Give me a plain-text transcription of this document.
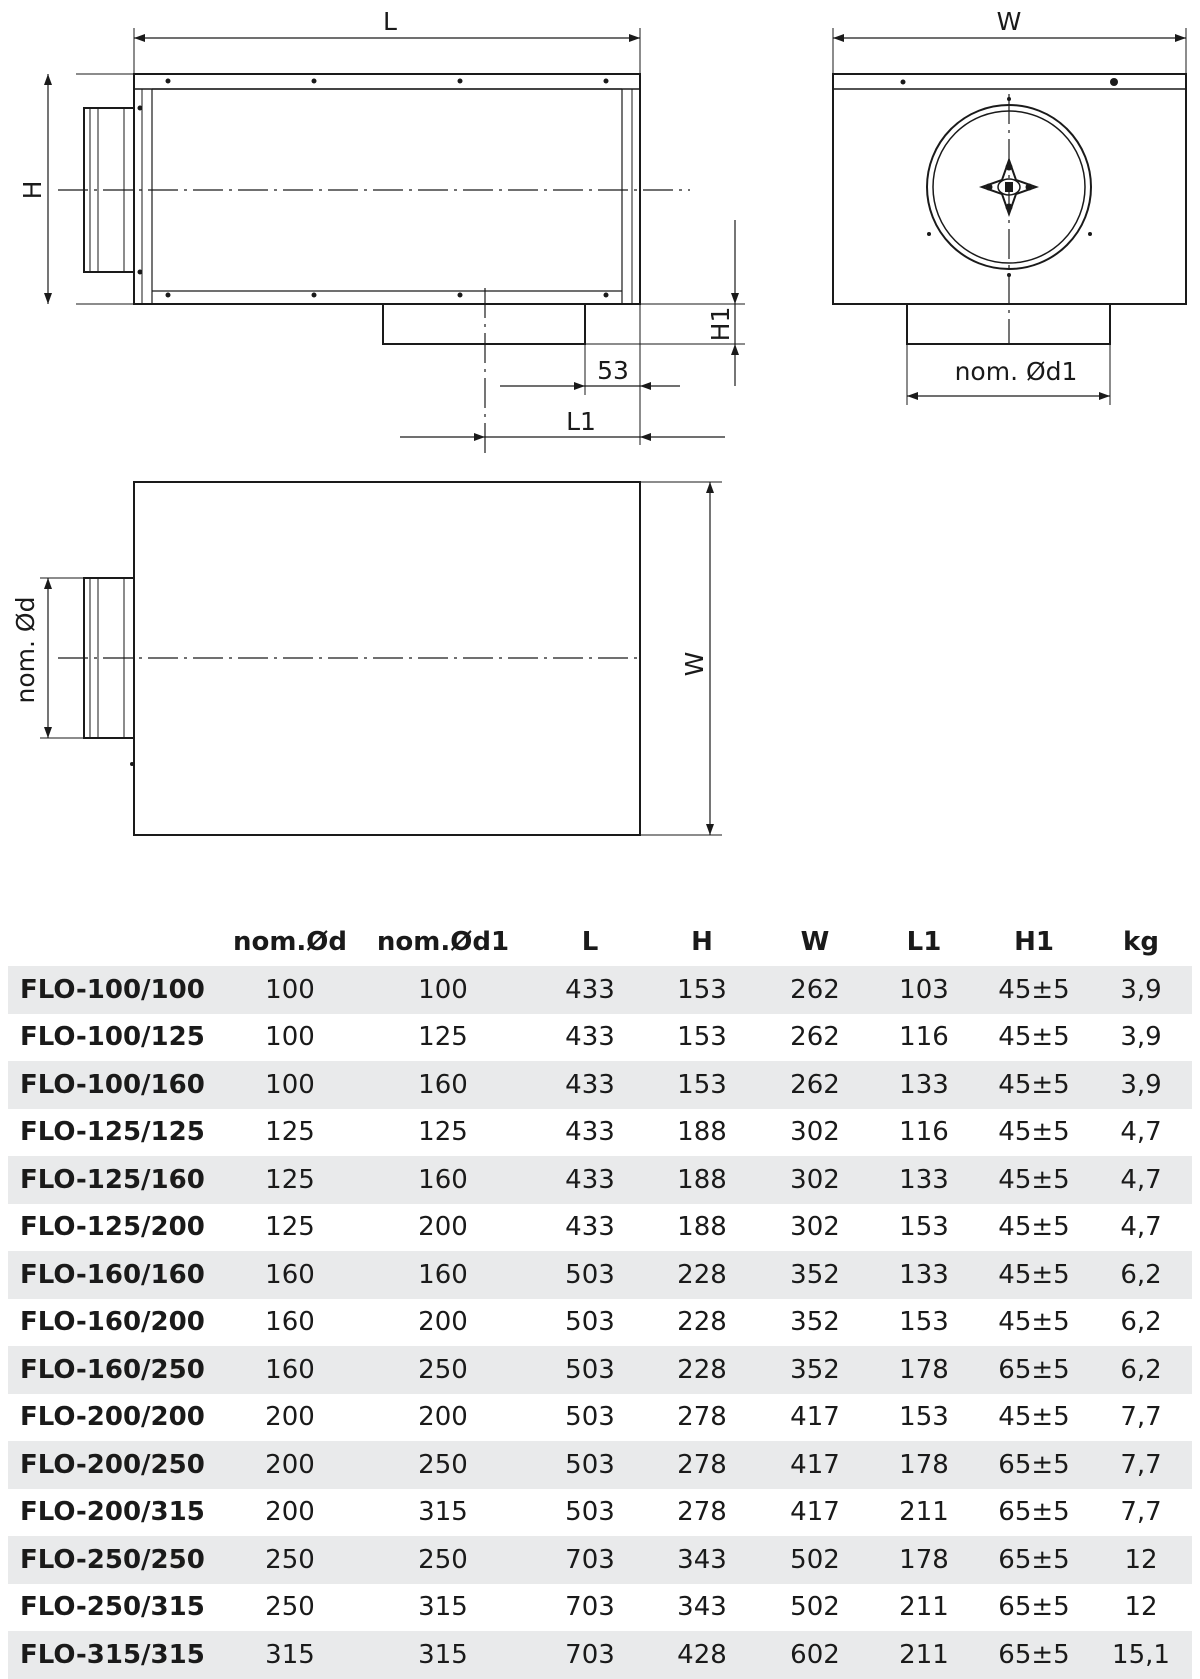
L
H
H1
53
L1
W
nom. Ød1
nom. Ød	W
	nom.Ød	nom.Ød1	L	H	W	L1	H1	kg
FLO-100/100	100	100	433	153	262	103	45±5	3,9
FLO-100/125	100	125	433	153	262	116	45±5	3,9
FLO-100/160	100	160	433	153	262	133	45±5	3,9
FLO-125/125	125	125	433	188	302	116	45±5	4,7
FLO-125/160	125	160	433	188	302	133	45±5	4,7
FLO-125/200	125	200	433	188	302	153	45±5	4,7
FLO-160/160	160	160	503	228	352	133	45±5	6,2
FLO-160/200	160	200	503	228	352	153	45±5	6,2
FLO-160/250	160	250	503	228	352	178	65±5	6,2
FLO-200/200	200	200	503	278	417	153	45±5	7,7
FLO-200/250	200	250	503	278	417	178	65±5	7,7
FLO-200/315	200	315	503	278	417	211	65±5	7,7
FLO-250/250	250	250	703	343	502	178	65±5	12
FLO-250/315	250	315	703	343	502	211	65±5	12
FLO-315/315	315	315	703	428	602	211	65±5	15,1
